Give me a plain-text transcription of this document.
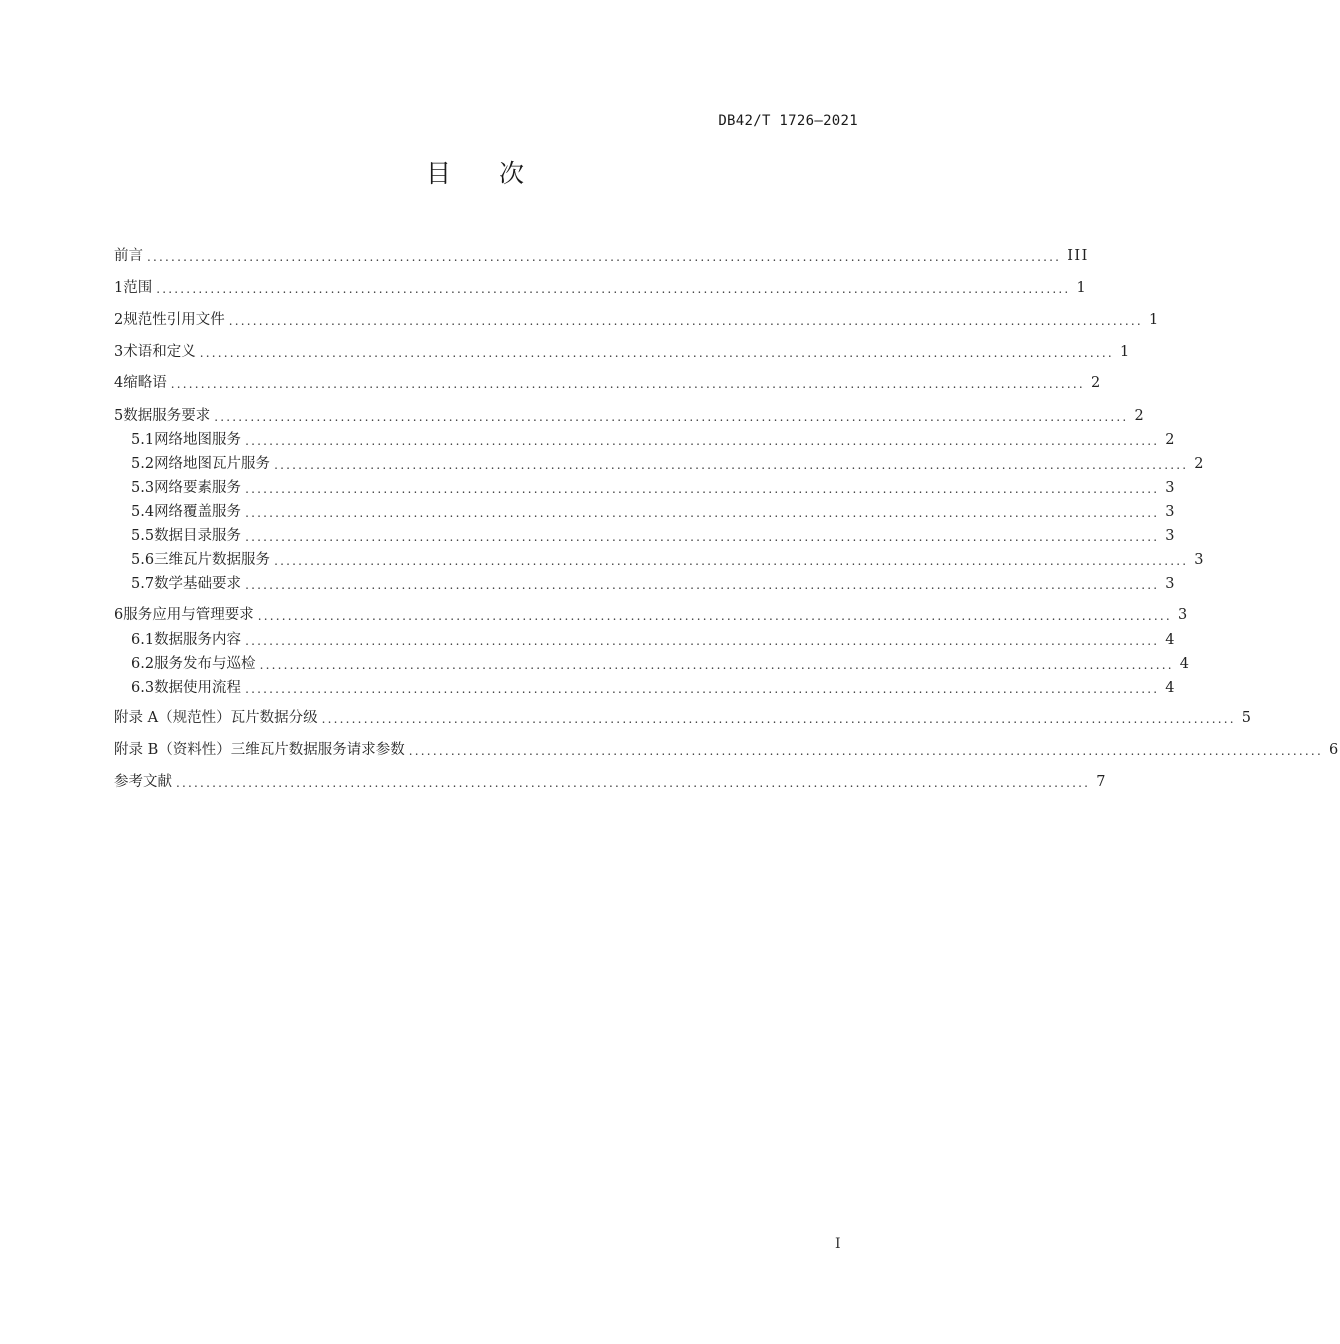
DB42/T 1726—2021
目次
前言 ........................................................................................................................................................ III
1 范围 ........................................................................................................................................................ 1
2 规范性引用文件 ........................................................................................................................................................ 1
3 术语和定义 ........................................................................................................................................................ 1
4 缩略语 ........................................................................................................................................................ 2
5 数据服务要求 ........................................................................................................................................................ 2
5.1 网络地图服务 ........................................................................................................................................................ 2
5.2 网络地图瓦片服务 ........................................................................................................................................................ 2
5.3 网络要素服务 ........................................................................................................................................................ 3
5.4 网络覆盖服务 ........................................................................................................................................................ 3
5.5 数据目录服务 ........................................................................................................................................................ 3
5.6 三维瓦片数据服务 ........................................................................................................................................................ 3
5.7 数学基础要求 ........................................................................................................................................................ 3
6 服务应用与管理要求 ........................................................................................................................................................ 3
6.1 数据服务内容 ........................................................................................................................................................ 4
6.2 服务发布与巡检 ........................................................................................................................................................ 4
6.3 数据使用流程 ........................................................................................................................................................ 4
附录 A（规范性） 瓦片数据分级 ........................................................................................................................................................ 5
附录 B（资料性） 三维瓦片数据服务请求参数 ........................................................................................................................................................ 6
参考文献 ........................................................................................................................................................ 7
I
